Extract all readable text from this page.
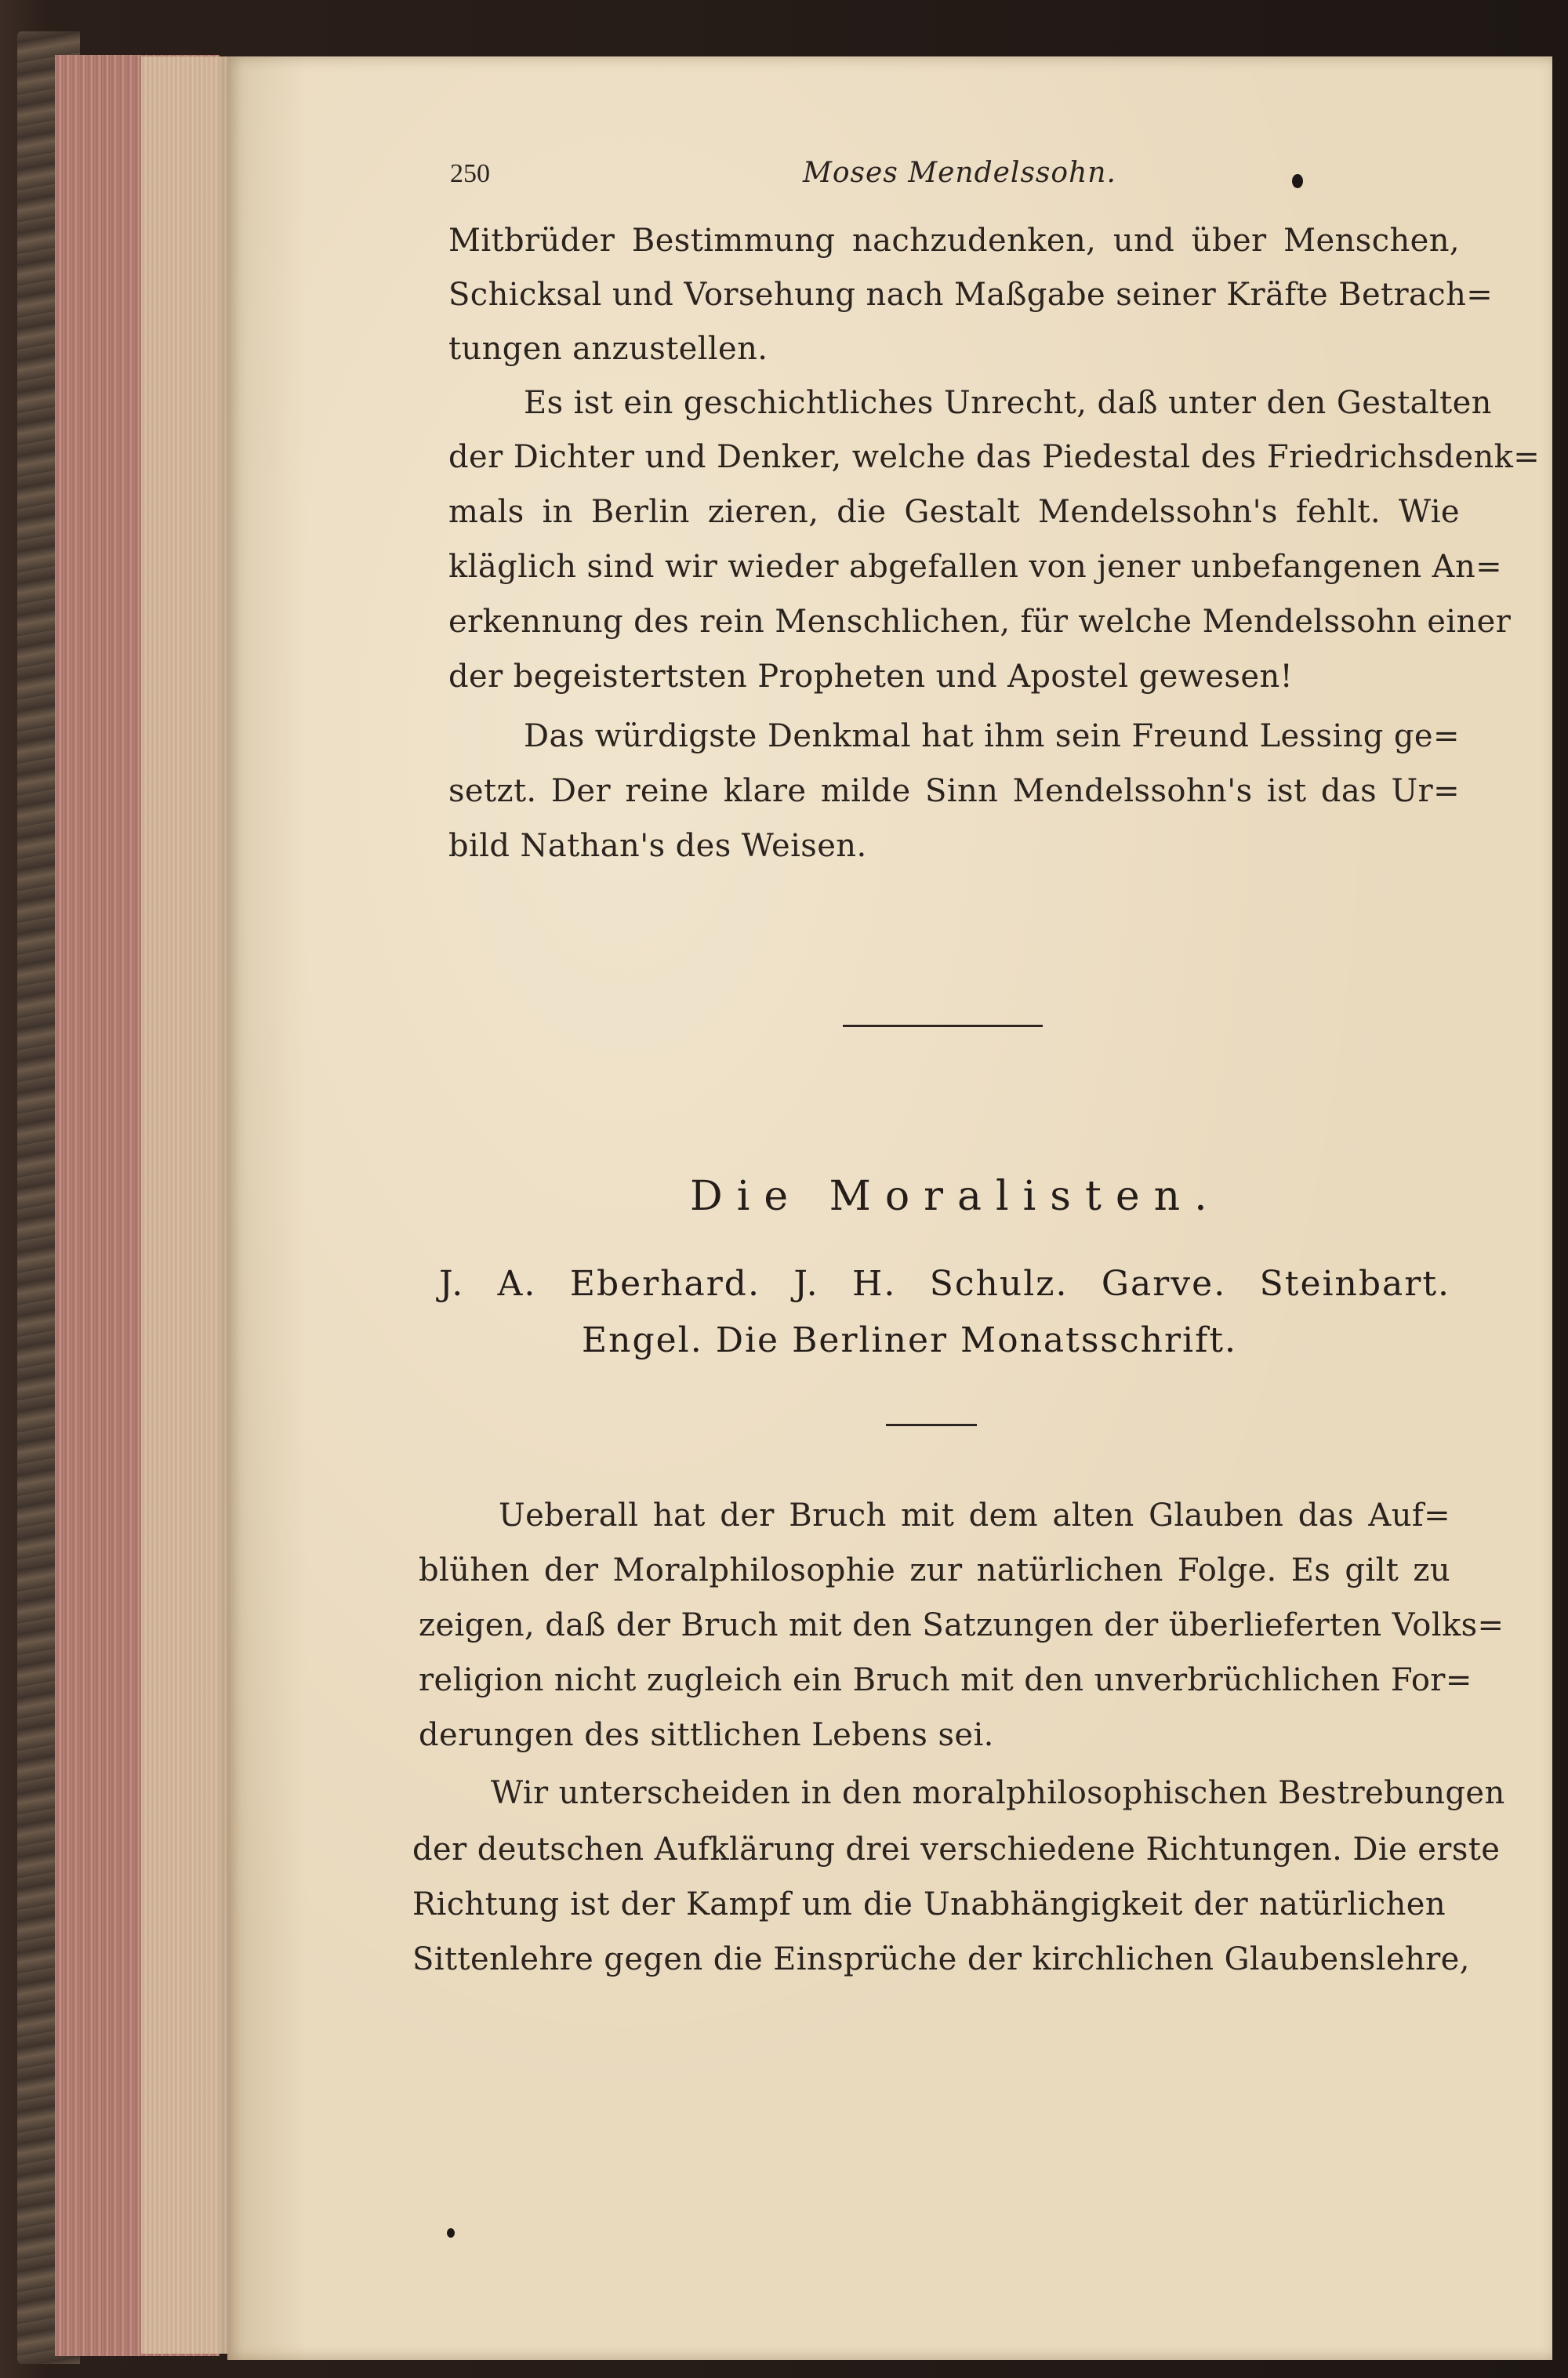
250	Moses Mendelssohn.
Mitbrüder Bestimmung nachzudenken, und über Menschen,
Schicksal und Vorsehung nach Maßgabe seiner Kräfte Betrach=
tungen anzustellen.
Es ist ein geschichtliches Unrecht, daß unter den Gestalten
der Dichter und Denker, welche das Piedestal des Friedrichsdenk=
mals in Berlin zieren, die Gestalt Mendelssohn's fehlt. Wie
kläglich sind wir wieder abgefallen von jener unbefangenen An=
erkennung des rein Menschlichen, für welche Mendelssohn einer
der begeistertsten Propheten und Apostel gewesen!
Das würdigste Denkmal hat ihm sein Freund Lessing ge=
setzt. Der reine klare milde Sinn Mendelssohn's ist das Ur=
bild Nathan's des Weisen.
Die Moralisten.
J. A. Eberhard. J. H. Schulz. Garve. Steinbart.
Engel. Die Berliner Monatsschrift.
Ueberall hat der Bruch mit dem alten Glauben das Auf=
blühen der Moralphilosophie zur natürlichen Folge. Es gilt zu
zeigen, daß der Bruch mit den Satzungen der überlieferten Volks=
religion nicht zugleich ein Bruch mit den unverbrüchlichen For=
derungen des sittlichen Lebens sei.
Wir unterscheiden in den moralphilosophischen Bestrebungen
der deutschen Aufklärung drei verschiedene Richtungen. Die erste
Richtung ist der Kampf um die Unabhängigkeit der natürlichen
Sittenlehre gegen die Einsprüche der kirchlichen Glaubenslehre,
